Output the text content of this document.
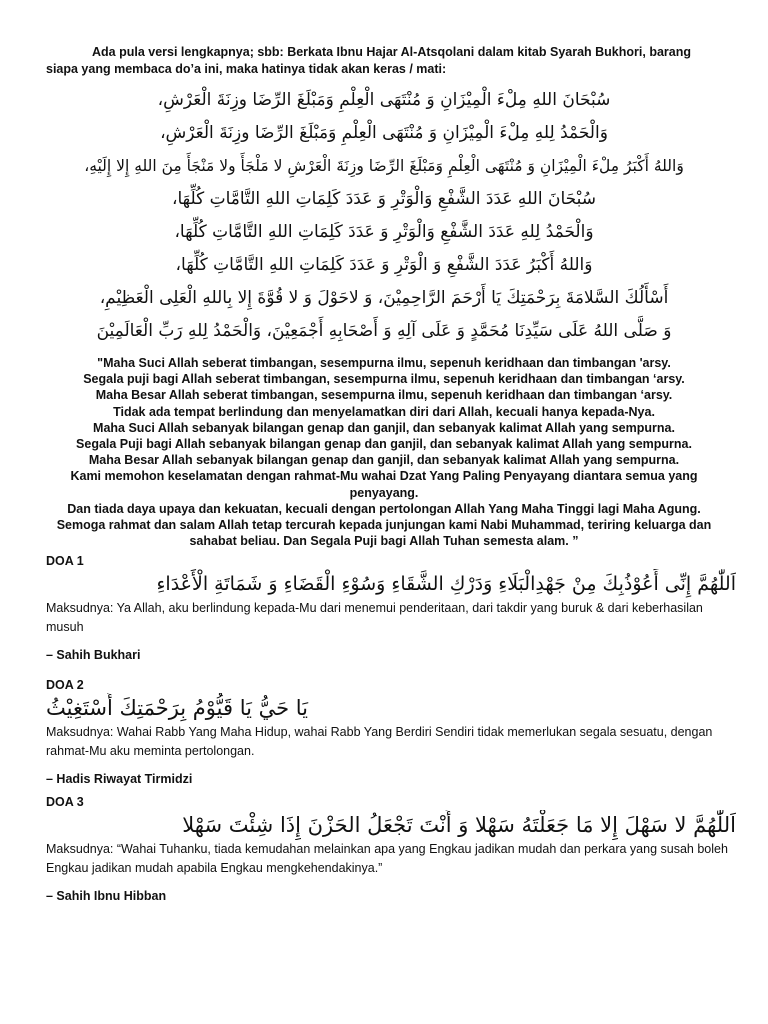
Ada pula versi lengkapnya; sbb: Berkata Ibnu Hajar Al-Atsqolani dalam kitab Syarah Bukhori, barang siapa yang membaca do’a ini, maka hatinya tidak akan keras / mati:
سُبْحَانَ اللهِ مِلْءَ الْمِيْزَانِ وَ مُنْتَهَى الْعِلْمِ وَمَبْلَغَ الرِّضَا وزِنَةَ الْعَرْشِ،
وَالْحَمْدُ لِلهِ مِلْءَ الْمِيْزَانِ وَ مُنْتَهَى الْعِلْمِ وَمَبْلَغَ الرِّضَا وزِنَةَ الْعَرْشِ،
وَاللهُ أَكْبَرُ مِلْءَ الْمِيْزَانِ وَ مُنْتَهَى الْعِلْمِ وَمَبْلَغَ الرِّضَا وزِنَةَ الْعَرْشِ لا مَلْجَأَ ولا مَنْجَأَ مِنَ اللهِ إِلا إِلَيْهِ،
سُبْحَانَ اللهِ عَدَدَ الشَّفْعِ وَالْوَتْرِ وَ عَدَدَ كَلِمَاتِ اللهِ التَّامَّاتِ كُلِّهَا،
وَالْحَمْدُ لِلهِ عَدَدَ الشَّفْعِ وَالْوَتْرِ وَ عَدَدَ كَلِمَاتِ اللهِ التَّامَّاتِ كُلِّهَا،
وَاللهُ أَكْبَرُ عَدَدَ الشَّفْعِ وَ الْوَتْرِ وَ عَدَدَ كَلِمَاتِ اللهِ التَّامَّاتِ كُلِّهَا،
أَسْأَلُكَ السَّلامَةَ بِرَحْمَتِكَ يَا أَرْحَمَ الرَّاحِمِيْنَ، وَ لاحَوْلَ وَ لا قُوَّةَ إِلا بِاللهِ الْعَلِى الْعَظِيْمِ،
وَ صَلَّى اللهُ عَلَى سَيِّدِنَا مُحَمَّدٍ وَ عَلَى آلِهِ وَ أَصْحَابِهِ أَجْمَعِيْنَ، وَالْحَمْدُ لِلهِ رَبِّ الْعَالَمِيْنَ
"Maha Suci Allah seberat timbangan, sesempurna ilmu, sepenuh keridhaan dan timbangan 'arsy.
Segala puji bagi Allah seberat timbangan, sesempurna ilmu, sepenuh keridhaan dan timbangan ‘arsy.
Maha Besar Allah seberat timbangan, sesempurna ilmu, sepenuh keridhaan dan timbangan ‘arsy.
Tidak ada tempat berlindung dan menyelamatkan diri dari Allah, kecuali hanya kepada-Nya.
Maha Suci Allah sebanyak bilangan genap dan ganjil, dan sebanyak kalimat Allah yang sempurna.
Segala Puji bagi Allah sebanyak bilangan genap dan ganjil, dan sebanyak kalimat Allah yang sempurna.
Maha Besar Allah sebanyak bilangan genap dan ganjil, dan sebanyak kalimat Allah yang sempurna.
Kami memohon keselamatan dengan rahmat-Mu wahai Dzat Yang Paling Penyayang diantara semua yang
penyayang.
Dan tiada daya upaya dan kekuatan, kecuali dengan pertolongan Allah Yang Maha Tinggi lagi Maha Agung.
Semoga rahmat dan salam Allah tetap tercurah kepada junjungan kami Nabi Muhammad, teriring keluarga dan
sahabat beliau. Dan Segala Puji bagi Allah Tuhan semesta alam. ”
DOA 1
اَللّٰهُمَّ إِنِّى أَعُوْذُبِكَ مِنْ جَهْدِالْبَلَاءِ وَدَرْكِ الشَّقَاءِ وَسُوْءِ الْقَضَاءِ وَ شَمَاتَةِ الْأَعْدَاءِ
Maksudnya: Ya Allah, aku berlindung kepada-Mu dari menemui penderitaan, dari takdir yang buruk & dari keberhasilan musuh
– Sahih Bukhari
DOA 2
يَا حَيُّ يَا قَيُّوْمُ بِرَحْمَتِكَ أَسْتَغِيْثُ
Maksudnya: Wahai Rabb Yang Maha Hidup, wahai Rabb Yang Berdiri Sendiri tidak memerlukan segala sesuatu, dengan rahmat-Mu aku meminta pertolongan.
– Hadis Riwayat Tirmidzi
DOA 3
اَللّٰهُمَّ لا سَهْلَ إِلا مَا جَعَلْتَهُ سَهْلا وَ أَنْتَ تَجْعَلُ الحَزْنَ إِذَا شِئْتَ سَهْلا
Maksudnya: “Wahai Tuhanku, tiada kemudahan melainkan apa yang Engkau jadikan mudah dan perkara yang susah boleh Engkau jadikan mudah apabila Engkau mengkehendakinya.”
– Sahih Ibnu Hibban
